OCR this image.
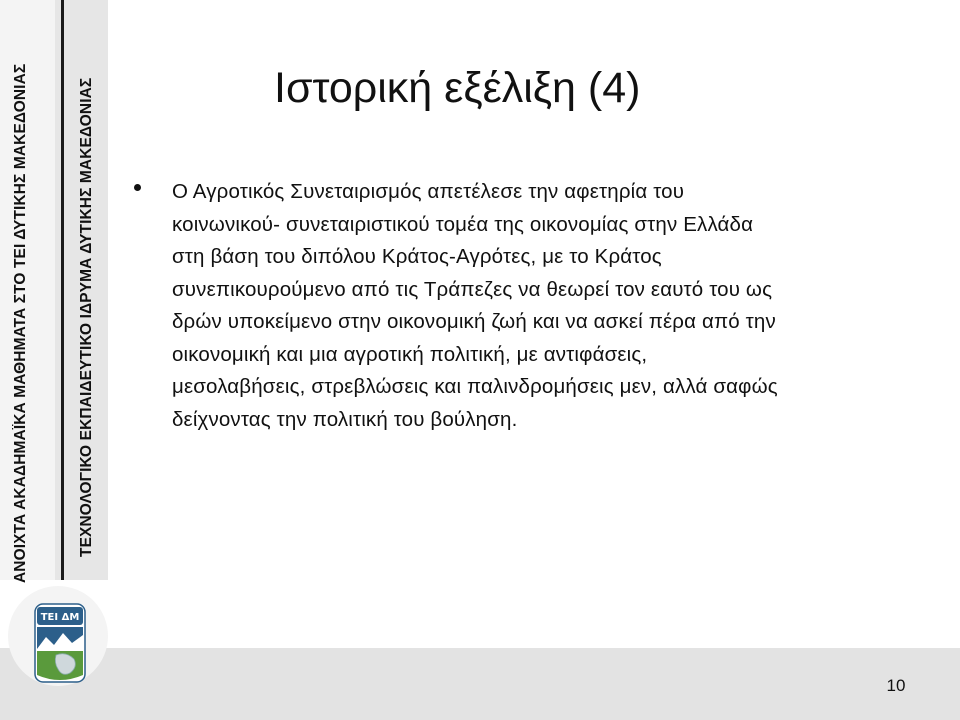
ΑΝΟΙΧΤΑ ΑΚΑΔΗΜΑΪΚΑ ΜΑΘΗΜΑΤΑ ΣΤΟ ΤΕΙ ΔΥΤΙΚΗΣ ΜΑΚΕΔΟΝΙΑΣ	ΤΕΧΝΟΛΟΓΙΚΟ ΕΚΠΑΙΔΕΥΤΙΚΟ ΙΔΡΥΜΑ ΔΥΤΙΚΗΣ ΜΑΚΕΔΟΝΙΑΣ
ΤΕΙ ΔΜ
Ιστορική εξέλιξη (4)

Ο Αγροτικός Συνεταιρισμός απετέλεσε την αφετηρία του
κοινωνικού- συνεταιριστικού τομέα της οικονομίας στην Ελλάδα
στη βάση του διπόλου Κράτος-Αγρότες, με το Κράτος
συνεπικουρούμενο από τις Τράπεζες να θεωρεί τον εαυτό του ως
δρών υποκείμενο στην οικονομική ζωή και να ασκεί πέρα από την
οικονομική και μια αγροτική πολιτική, με αντιφάσεις,
μεσολαβήσεις, στρεβλώσεις και παλινδρομήσεις μεν, αλλά σαφώς
δείχνοντας την πολιτική του βούληση.

10
